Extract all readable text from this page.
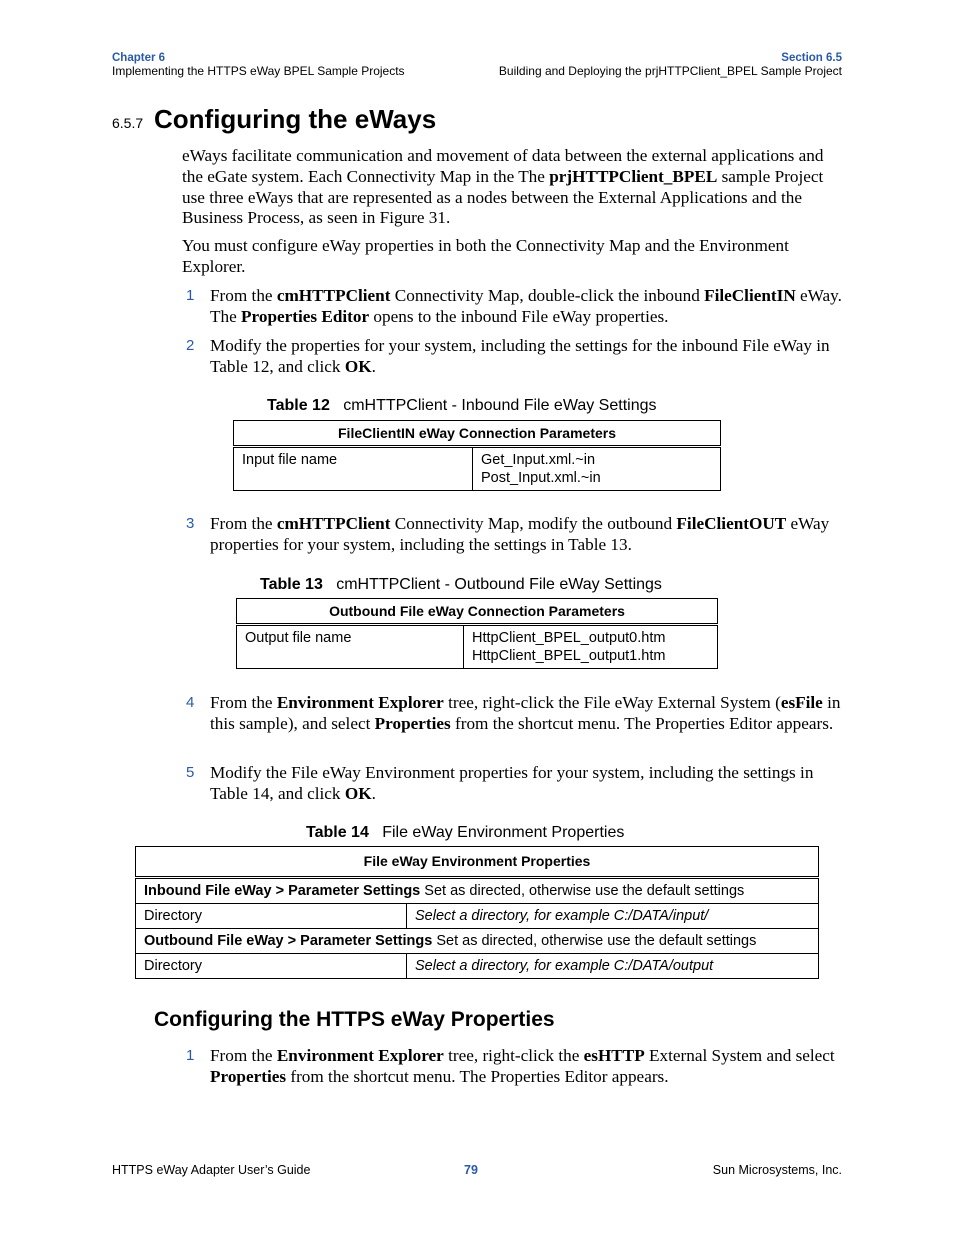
Chapter 6
Implementing the HTTPS eWay BPEL Sample Projects
Section 6.5
Building and Deploying the prjHTTPClient_BPEL Sample Project
6.5.7 Configuring the eWays
eWays facilitate communication and movement of data between the external applications and the eGate system. Each Connectivity Map in the The prjHTTPClient_BPEL sample Project use three eWays that are represented as a nodes between the External Applications and the Business Process, as seen in Figure 31.
You must configure eWay properties in both the Connectivity Map and the Environment Explorer.
1 From the cmHTTPClient Connectivity Map, double-click the inbound FileClientIN eWay. The Properties Editor opens to the inbound File eWay properties.
2 Modify the properties for your system, including the settings for the inbound File eWay in Table 12, and click OK.
Table 12 cmHTTPClient - Inbound File eWay Settings
FileClientIN eWay Connection Parameters
Input file name	Get_Input.xml.~in
Post_Input.xml.~in
3 From the cmHTTPClient Connectivity Map, modify the outbound FileClientOUT eWay properties for your system, including the settings in Table 13.
Table 13 cmHTTPClient - Outbound File eWay Settings
Outbound File eWay Connection Parameters
Output file name	HttpClient_BPEL_output0.htm
HttpClient_BPEL_output1.htm
4 From the Environment Explorer tree, right-click the File eWay External System (esFile in this sample), and select Properties from the shortcut menu. The Properties Editor appears.
5 Modify the File eWay Environment properties for your system, including the settings in Table 14, and click OK.
Table 14 File eWay Environment Properties
File eWay Environment Properties	
Inbound File eWay > Parameter Settings Set as directed, otherwise use the default settings	
Directory	Select a directory, for example C:/DATA/input/
Outbound File eWay > Parameter Settings Set as directed, otherwise use the default settings	
Directory	Select a directory, for example C:/DATA/output
Configuring the HTTPS eWay Properties
1 From the Environment Explorer tree, right-click the esHTTP External System and select Properties from the shortcut menu. The Properties Editor appears.
HTTPS eWay Adapter User’s Guide	79	Sun Microsystems, Inc.
